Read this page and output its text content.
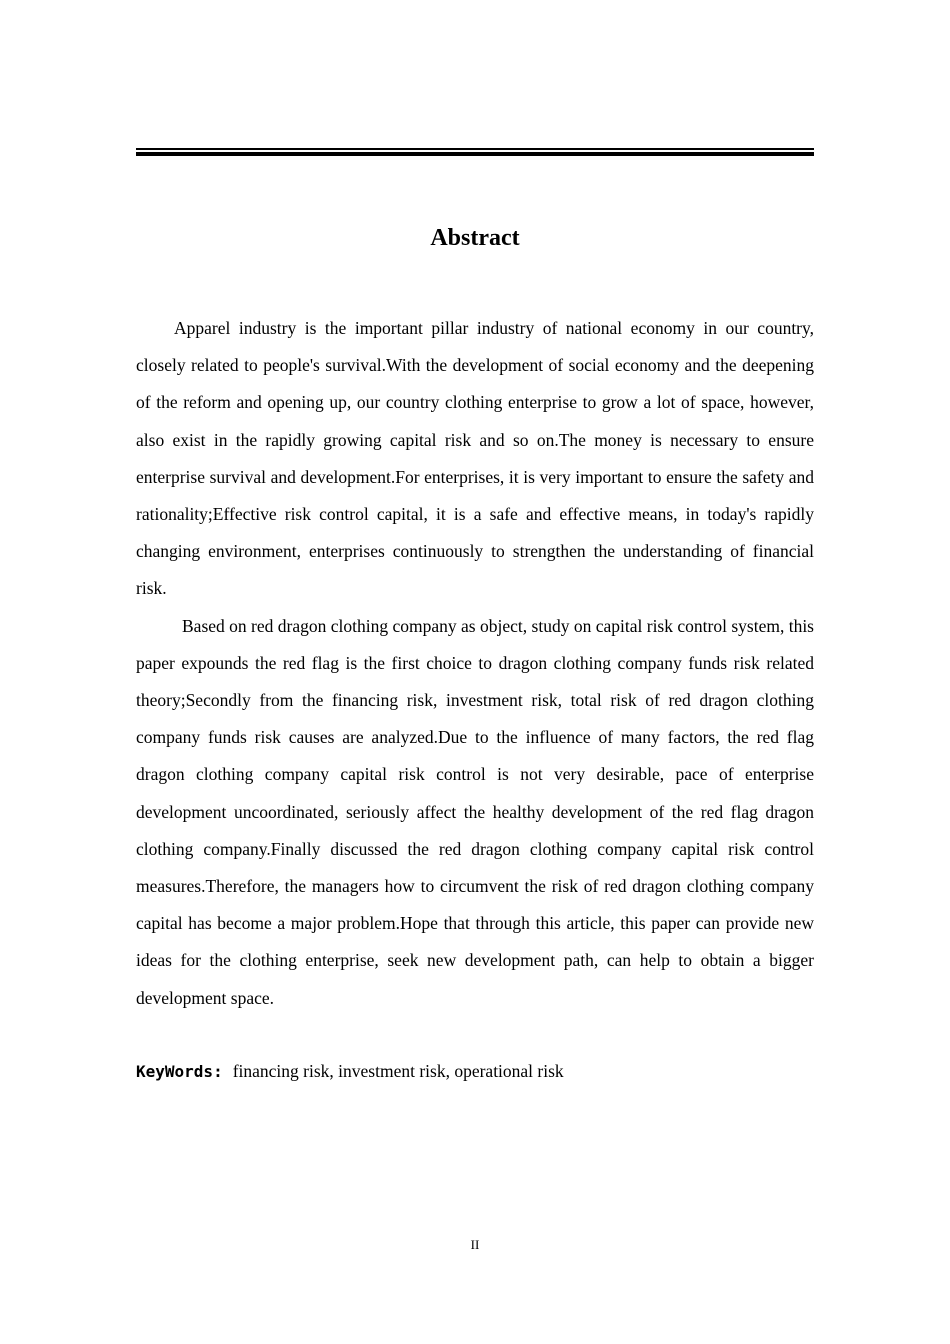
Abstract

Apparel industry is the important pillar industry of national economy in our country, closely related to people's survival.With the development of social economy and the deepening of the reform and opening up, our country clothing enterprise to grow a lot of space, however, also exist in the rapidly growing capital risk and so on.The money is necessary to ensure enterprise survival and development.For enterprises, it is very important to ensure the safety and rationality;Effective risk control capital, it is a safe and effective means, in today's rapidly changing environment, enterprises continuously to strengthen the understanding of financial risk.

Based on red dragon clothing company as object, study on capital risk control system, this paper expounds the red flag is the first choice to dragon clothing company funds risk related theory;Secondly from the financing risk, investment risk, total risk of red dragon clothing company funds risk causes are analyzed.Due to the influence of many factors, the red flag dragon clothing company capital risk control is not very desirable, pace of enterprise development uncoordinated, seriously affect the healthy development of the red flag dragon clothing company.Finally discussed the red dragon clothing company capital risk control measures.Therefore, the managers how to circumvent the risk of red dragon clothing company capital has become a major problem.Hope that through this article, this paper can provide new ideas for the clothing enterprise, seek new development path, can help to obtain a bigger development space.

KeyWords: financing risk, investment risk, operational risk
II
